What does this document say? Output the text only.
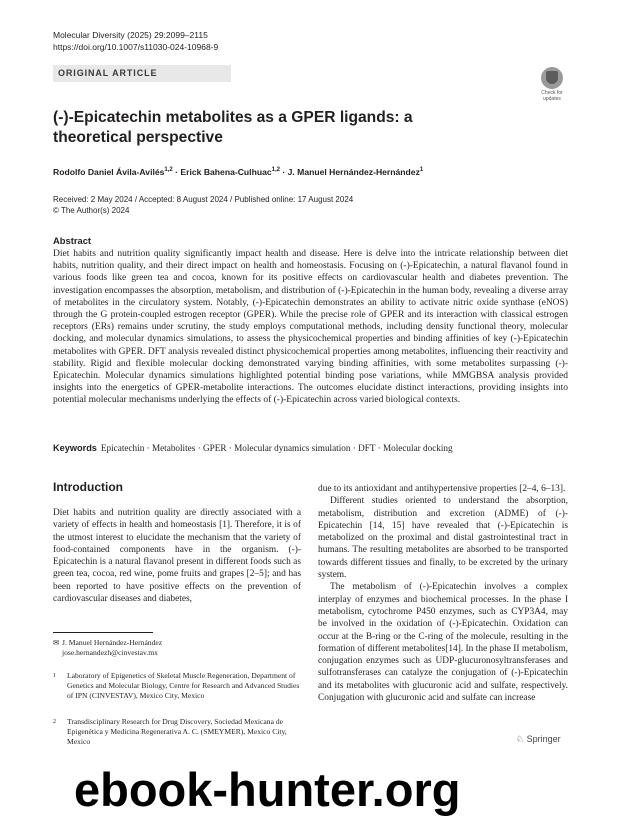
Molecular Diversity (2025) 29:2099–2115
https://doi.org/10.1007/s11030-024-10968-9
ORIGINAL ARTICLE
Check for
updates
(-)-Epicatechin metabolites as a GPER ligands: a theoretical perspective
Rodolfo Daniel Ávila-Avilés$^{1,2}$ · Erick Bahena-Culhuac$^{1,2}$ · J. Manuel Hernández-Hernández$^1$
Received: 2 May 2024 / Accepted: 8 August 2024 / Published online: 17 August 2024
© The Author(s) 2024
Abstract
Diet habits and nutrition quality significantly impact health and disease. Here is delve into the intricate relationship between diet habits, nutrition quality, and their direct impact on health and homeostasis. Focusing on (-)-Epicatechin, a natural flavanol found in various foods like green tea and cocoa, known for its positive effects on cardiovascular health and diabetes prevention. The investigation encompasses the absorption, metabolism, and distribution of (-)-Epicatechin in the human body, revealing a diverse array of metabolites in the circulatory system. Notably, (-)-Epicatechin demonstrates an ability to activate nitric oxide synthase (eNOS) through the G protein-coupled estrogen receptor (GPER). While the precise role of GPER and its interaction with classical estrogen receptors (ERs) remains under scrutiny, the study employs computational methods, including density functional theory, molecular docking, and molecular dynamics simulations, to assess the physicochemical properties and binding affinities of key (-)-Epicatechin metabolites with GPER. DFT analysis revealed distinct physicochemical properties among metabolites, influencing their reactivity and stability. Rigid and flexible molecular docking demonstrated varying binding affinities, with some metabolites surpassing (-)-Epicatechin. Molecular dynamics simulations highlighted potential binding pose variations, while MMGBSA analysis provided insights into the energetics of GPER-metabolite interactions. The outcomes elucidate distinct interactions, providing insights into potential molecular mechanisms underlying the effects of (-)-Epicatechin across varied biological contexts.
Keywords Epicatechin · Metabolites · GPER · Molecular dynamics simulation · DFT · Molecular docking
Introduction

Diet habits and nutrition quality are directly associated with a variety of effects in health and homeostasis [1]. Therefore, it is of the utmost interest to elucidate the mechanism that the variety of food-contained components have in the organism. (-)- Epicatechin is a natural flavanol present in different foods such as green tea, cocoa, red wine, pome fruits and grapes [2–5]; and has been reported to have positive effects on the prevention of cardiovascular diseases and diabetes,

due to its antioxidant and antihypertensive properties [2–4, 6–13].

Different studies oriented to understand the absorption, metabolism, distribution and excretion (ADME) of (-)-Epicatechin [14, 15] have revealed that (-)-Epicatechin is metabolized on the proximal and distal gastrointestinal tract in humans. The resulting metabolites are absorbed to be transported towards different tissues and finally, to be excreted by the urinary system.

The metabolism of (-)-Epicatechin involves a complex interplay of enzymes and biochemical processes. In the phase I metabolism, cytochrome P450 enzymes, such as CYP3A4, may be involved in the oxidation of (-)-Epicatechin. Oxidation can occur at the B-ring or the C-ring of the molecule, resulting in the formation of different metabolites[14]. In the phase II metabolism, conjugation enzymes such as UDP-glucuronosyltransferases and sulfotransferases can catalyze the conjugation of (-)-Epicatechin and its metabolites with glucuronic acid and sulfate, respectively. Conjugation with glucuronic acid and sulfate can increase

✉ J. Manuel Hernández-Hernández
jose.hernandezh@cinvestav.mx
1 Laboratory of Epigenetics of Skeletal Muscle Regeneration, Department of Genetics and Molecular Biology, Centre for Research and Advanced Studies of IPN (CINVESTAV), Mexico City, Mexico
2 Transdisciplinary Research for Drug Discovery, Sociedad Mexicana de Epigenética y Medicina Regenerativa A. C. (SMEYMER), Mexico City, Mexico	♘ Springer
ebook-hunter.org
